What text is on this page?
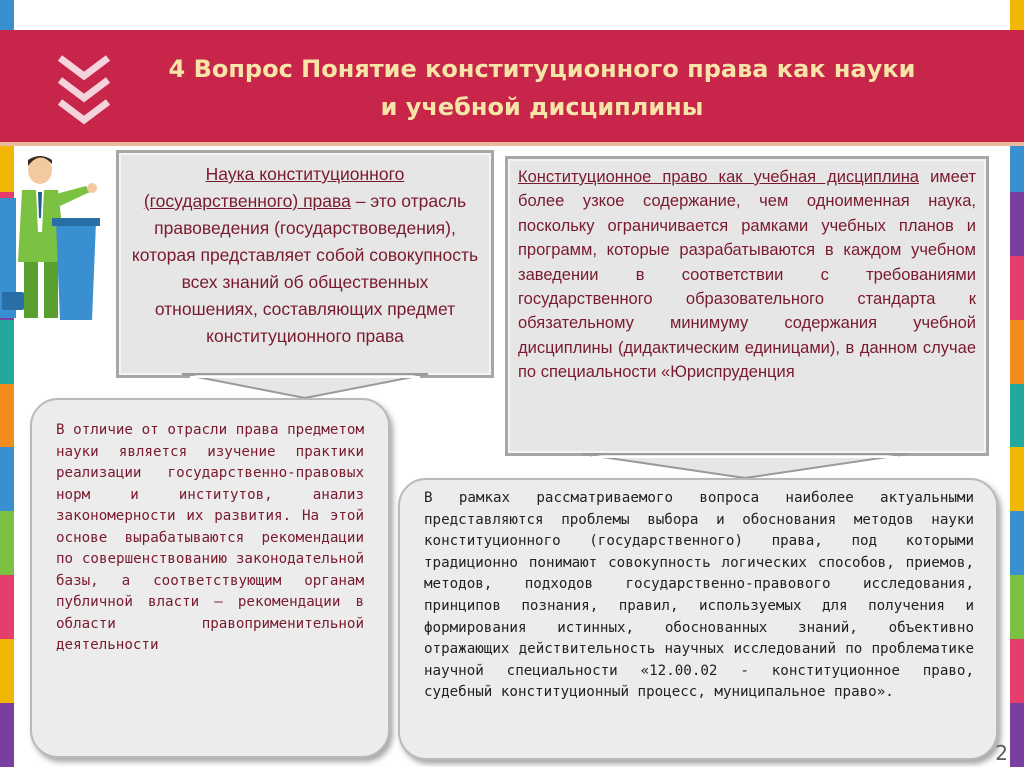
4 Вопрос Понятие конституционного права как науки
и учебной дисциплины
Наука конституционного (государственного) права – это отрасль правоведения (государствоведения), которая представляет собой совокупность всех знаний об общественных отношениях, составляющих предмет конституционного права
Конституционное право как учебная дисциплина имеет более узкое содержание, чем одноименная наука, поскольку ограничивается рамками учебных планов и программ, которые разрабатываются в каждом учебном заведении в соответствии с требованиями государственного образовательного стандарта к обязательному минимуму содержания учебной дисциплины (дидактическим единицами), в данном случае по специальности «Юриспруденция
В отличие от отрасли права предметом науки является изучение практики реализации государственно-правовых норм и институтов, анализ закономерности их развития. На этой основе вырабатываются рекомендации по совершенствованию законодательной базы, а соответствующим органам публичной власти – рекомендации в области правоприменительной деятельности
В рамках рассматриваемого вопроса наиболее актуальными представляются проблемы выбора и обоснования методов науки конституционного (государственного) права, под которыми традиционно понимают совокупность логических способов, приемов, методов, подходов государственно-правового исследования, принципов познания, правил, используемых для получения и формирования истинных, обоснованных знаний, объективно отражающих действительность научных исследований по проблематике научной специальности «12.00.02 - конституционное право, судебный конституционный процесс, муниципальное право».
2
